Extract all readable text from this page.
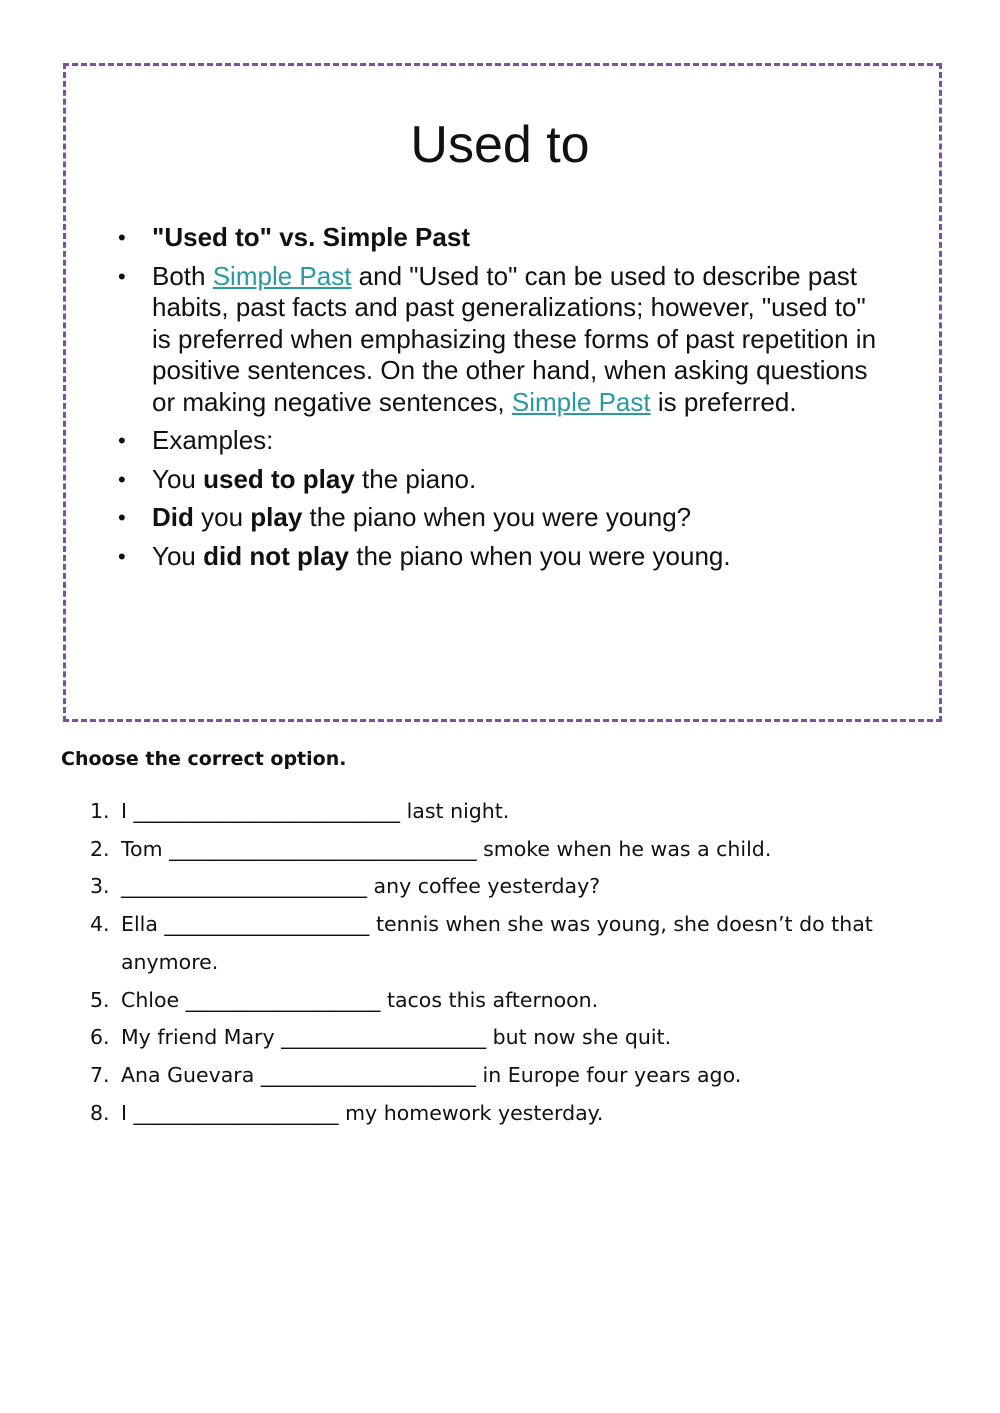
Used to
• "Used to" vs. Simple Past
• Both Simple Past and "Used to" can be used to describe past habits, past facts and past generalizations; however, "used to" is preferred when emphasizing these forms of past repetition in positive sentences. On the other hand, when asking questions or making negative sentences, Simple Past is preferred.
• Examples:
• You used to play the piano.
• Did you play the piano when you were young?
• You did not play the piano when you were young.

Choose the correct option.

1. I __________________________ last night.
2. Tom ______________________________ smoke when he was a child.
3. ________________________ any coffee yesterday?
4. Ella ____________________ tennis when she was young, she doesn’t do that anymore.
5. Chloe ___________________ tacos this afternoon.
6. My friend Mary ____________________ but now she quit.
7. Ana Guevara _____________________ in Europe four years ago.
8. I ____________________ my homework yesterday.
